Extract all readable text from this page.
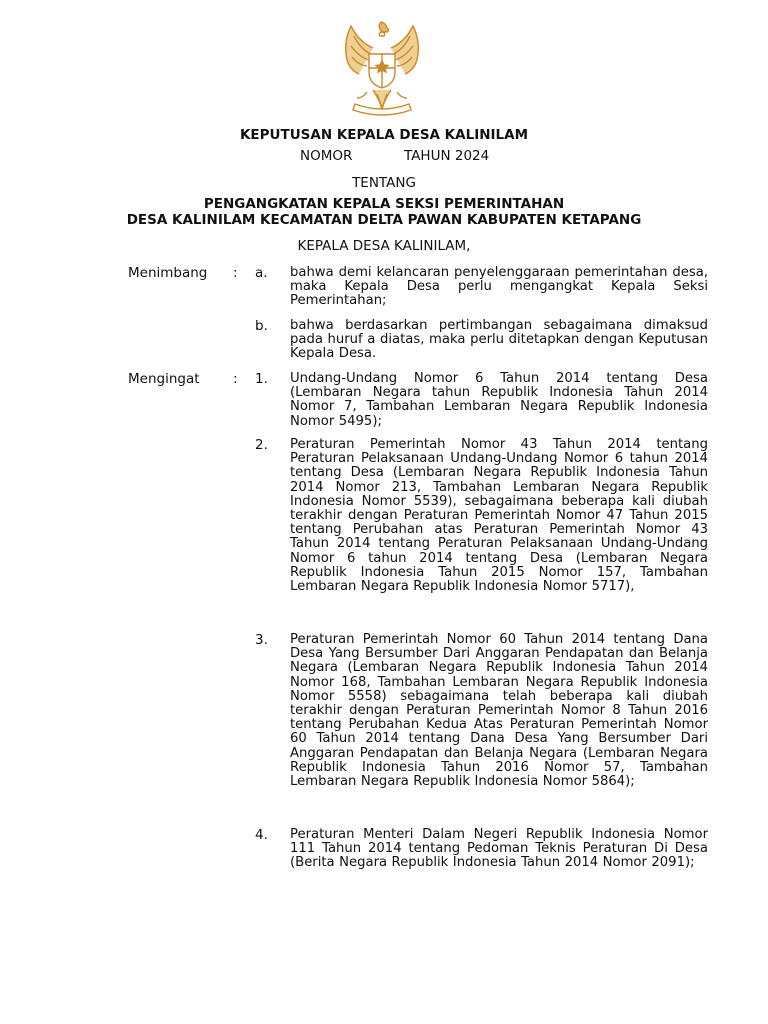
KEPUTUSAN KEPALA DESA KALINILAM
NOMOR	TAHUN 2024
TENTANG
PENGANGKATAN KEPALA SEKSI PEMERINTAHAN
DESA KALINILAM KECAMATAN DELTA PAWAN KABUPATEN KETAPANG
KEPALA DESA KALINILAM,
Menimbang : a. bahwa demi kelancaran penyelenggaraan pemerintahan desa, maka Kepala Desa perlu mengangkat Kepala Seksi Pemerintahan;
b. bahwa berdasarkan pertimbangan sebagaimana dimaksud pada huruf a diatas, maka perlu ditetapkan dengan Keputusan Kepala Desa.
Mengingat : 1. Undang-Undang Nomor 6 Tahun 2014 tentang Desa (Lembaran Negara tahun Republik Indonesia Tahun 2014 Nomor 7, Tambahan Lembaran Negara Republik Indonesia Nomor 5495);
2. Peraturan Pemerintah Nomor 43 Tahun 2014 tentang Peraturan Pelaksanaan Undang-Undang Nomor 6 tahun 2014 tentang Desa (Lembaran Negara Republik Indonesia Tahun 2014 Nomor 213, Tambahan Lembaran Negara Republik Indonesia Nomor 5539), sebagaimana beberapa kali diubah terakhir dengan Peraturan Pemerintah Nomor 47 Tahun 2015 tentang Perubahan atas Peraturan Pemerintah Nomor 43 Tahun 2014 tentang Peraturan Pelaksanaan Undang-Undang Nomor 6 tahun 2014 tentang Desa (Lembaran Negara Republik Indonesia Tahun 2015 Nomor 157, Tambahan Lembaran Negara Republik Indonesia Nomor 5717),
3. Peraturan Pemerintah Nomor 60 Tahun 2014 tentang Dana Desa Yang Bersumber Dari Anggaran Pendapatan dan Belanja Negara (Lembaran Negara Republik Indonesia Tahun 2014 Nomor 168, Tambahan Lembaran Negara Republik Indonesia Nomor 5558) sebagaimana telah beberapa kali diubah terakhir dengan Peraturan Pemerintah Nomor 8 Tahun 2016 tentang Perubahan Kedua Atas Peraturan Pemerintah Nomor 60 Tahun 2014 tentang Dana Desa Yang Bersumber Dari Anggaran Pendapatan dan Belanja Negara (Lembaran Negara Republik Indonesia Tahun 2016 Nomor 57, Tambahan Lembaran Negara Republik Indonesia Nomor 5864);
4. Peraturan Menteri Dalam Negeri Republik Indonesia Nomor 111 Tahun 2014 tentang Pedoman Teknis Peraturan Di Desa (Berita Negara Republik Indonesia Tahun 2014 Nomor 2091);
